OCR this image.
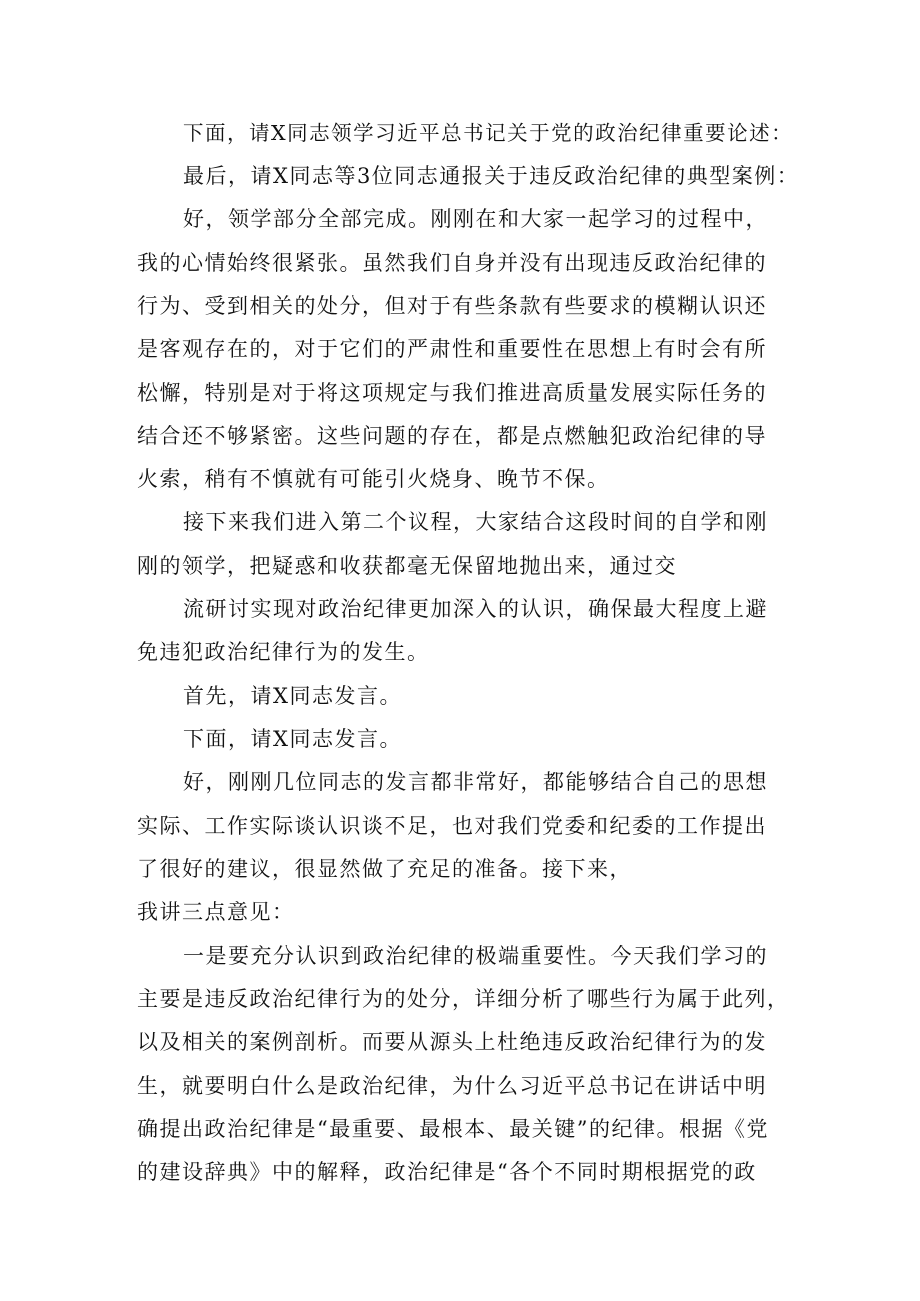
下面，请X同志领学习近平总书记关于党的政治纪律重要论述：
最后，请X同志等3位同志通报关于违反政治纪律的典型案例：
好，领学部分全部完成。刚刚在和大家一起学习的过程中，
我的心情始终很紧张。虽然我们自身并没有出现违反政治纪律的
行为、受到相关的处分，但对于有些条款有些要求的模糊认识还
是客观存在的，对于它们的严肃性和重要性在思想上有时会有所
松懈，特别是对于将这项规定与我们推进高质量发展实际任务的
结合还不够紧密。这些问题的存在，都是点燃触犯政治纪律的导
火索，稍有不慎就有可能引火烧身、晚节不保。
接下来我们进入第二个议程，大家结合这段时间的自学和刚
刚的领学，把疑惑和收获都毫无保留地抛出来，通过交
流研讨实现对政治纪律更加深入的认识，确保最大程度上避
免违犯政治纪律行为的发生。
首先，请X同志发言。
下面，请X同志发言。
好，刚刚几位同志的发言都非常好，都能够结合自己的思想
实际、工作实际谈认识谈不足，也对我们党委和纪委的工作提出
了很好的建议，很显然做了充足的准备。接下来，
我讲三点意见：
一是要充分认识到政治纪律的极端重要性。今天我们学习的
主要是违反政治纪律行为的处分，详细分析了哪些行为属于此列，
以及相关的案例剖析。而要从源头上杜绝违反政治纪律行为的发
生，就要明白什么是政治纪律，为什么习近平总书记在讲话中明
确提出政治纪律是“最重要、最根本、最关键”的纪律。根据《党
的建设辞典》中的解释，政治纪律是“各个不同时期根据党的政
